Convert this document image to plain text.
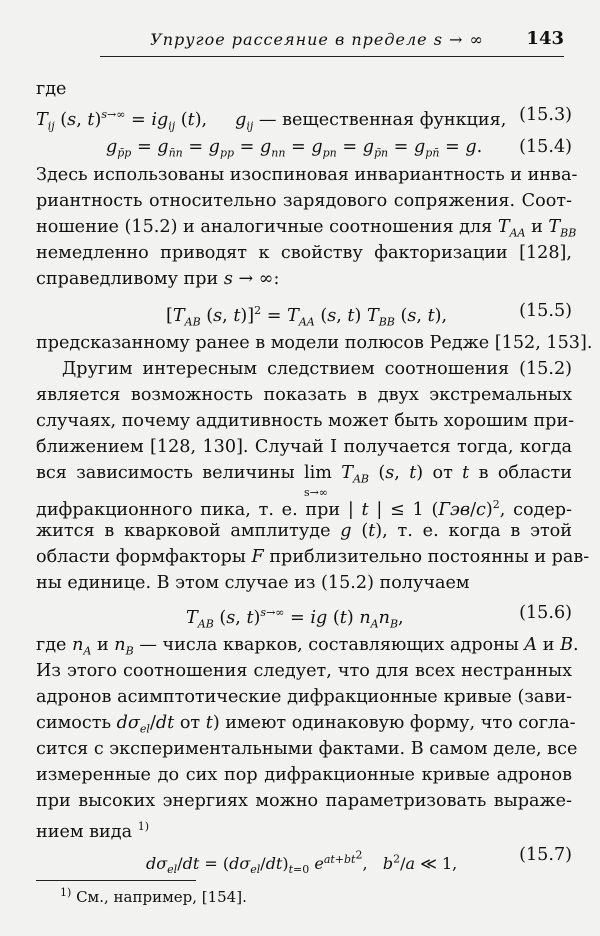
Упругое рассеяние в пределе s → ∞	143
где
$T_{ij}$ (s, $t)^{s\to\infty} = ig_{ij}$ (t),     $g_{ij}$ — вещественная функция, (15.3)
$g_{p̄p} = g_{n̄n} = g_{pp} = g_{nn} = g_{pn} = g_{p̄n} = g_{pn̄} = g$.	(15.4)
Здесь использованы изоспиновая инвариантность и инва-
риантность относительно зарядового сопряжения. Соот-
ношение (15.2) и аналогичные соотношения для $T_{AA}$ и $T_{BB}$
немедленно приводят к свойству факторизации [128],
справедливому при s → ∞:
[$T_{AB}$ (s, $t)]^2 = T_{AA}$ (s, t) $T_{BB}$ (s, t),	(15.5)
предсказанному ранее в модели полюсов Редже [152, 153].
Другим интересным следствием соотношения (15.2)
является возможность показать в двух экстремальных
случаях, почему аддитивность может быть хорошим при-
ближением [128, 130]. Случай I получается тогда, когда
вся зависимость величины lim
s→∞
$T_{AB}$ (s, t) от t в области
дифракционного пика, т. е. при | t | ≤ 1 $(Гэв/c)^2$, содер-
жится в кварковой амплитуде g (t), т. е. когда в этой
области формфакторы F приблизительно постоянны и рав-
ны единице. В этом случае из (15.2) получаем
$T_{AB}$ (s, t)$^{s\to\infty}$ = ig (t) $n_An_B$,	(15.6)
где $n_A$ и $n_B$ — числа кварков, составляющих адроны A и B.
Из этого соотношения следует, что для всех нестранных
адронов асимптотические дифракционные кривые (зави-
симость $d\sigma_{el}/dt$ от t) имеют одинаковую форму, что согла-
сится с экспериментальными фактами. В самом деле, все
измеренные до сих пор дифракционные кривые адронов
при высоких энергиях можно параметризовать выраже-
нием вида $^{1)}$
$d\sigma_{el}/dt = (d\sigma_{el}/dt)_{t=0}$ $e^{at+bt^2}$,   $b^2/a$ ≪ 1,	(15.7)
$^{1)}$ См., например, [154].
